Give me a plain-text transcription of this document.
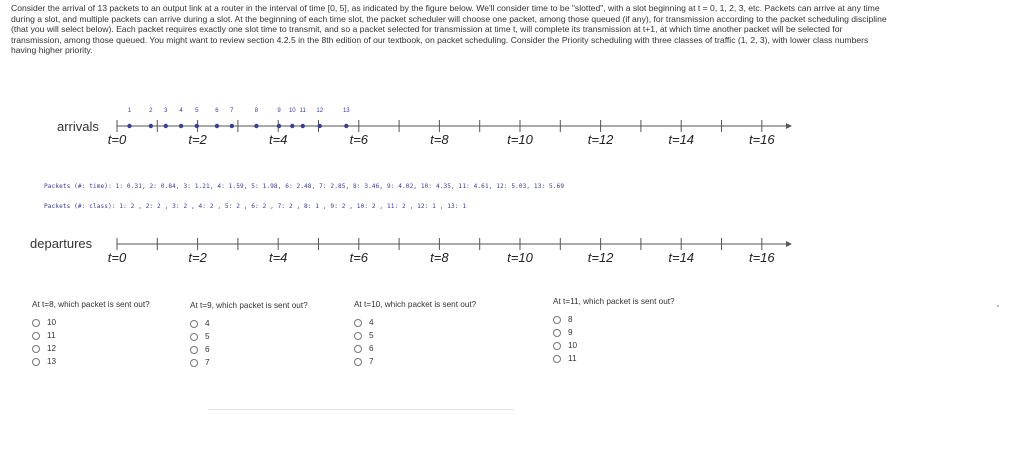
Consider the arrival of 13 packets to an output link at a router in the interval of time [0, 5], as indicated by the figure below. We'll consider time to be "slotted", with a slot beginning at t = 0, 1, 2, 3, etc. Packets can arrive at any time
during a slot, and multiple packets can arrive during a slot. At the beginning of each time slot, the packet scheduler will choose one packet, among those queued (if any), for transmission according to the packet scheduling discipline
(that you will select below). Each packet requires exactly one slot time to transmit, and so a packet selected for transmission at time t, will complete its transmission at t+1, at which time another packet will be selected for
transmission, among those queued. You might want to review section 4.2.5 in the 8th edition of our textbook, on packet scheduling. Consider the Priority scheduling with three classes of traffic (1, 2, 3), with lower class numbers
having higher priority.
arrivals
t=0	t=2	t=4	t=6	t=8	t=10	t=12	t=14	t=16
departures
t=0	t=2	t=4	t=6	t=8	t=10	t=12	t=14	t=16
1	2 3 4 5	6 7	8	9 10 11 12	13
Packets (#: time): 1: 0.31, 2: 0.84, 3: 1.21, 4: 1.59, 5: 1.98, 6: 2.48, 7: 2.85, 8: 3.46, 9: 4.02, 10: 4.35, 11: 4.61, 12: 5.03, 13: 5.69
Packets (#: class): 1: 2 , 2: 2 , 3: 2 , 4: 2 , 5: 2 , 6: 2 , 7: 2 , 8: 1 , 9: 2 , 10: 2 , 11: 2 , 12: 1 , 13: 1
At t=8, which packet is sent out?
10
11
12
13
At t=9, which packet is sent out?
4
5
6
7
At t=10, which packet is sent out?
4
5
6
7
At t=11, which packet is sent out?
8
9
10
11
